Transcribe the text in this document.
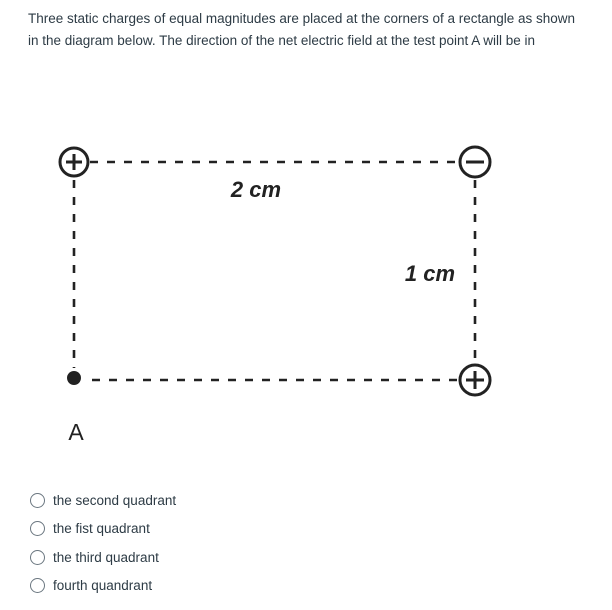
Three static charges of equal magnitudes are placed at the corners of a rectangle as shown in the diagram below. The direction of the net electric field at the test point A will be in
2 cm
1 cm
A
the second quadrant
the fist quadrant
the third quadrant
fourth quandrant
